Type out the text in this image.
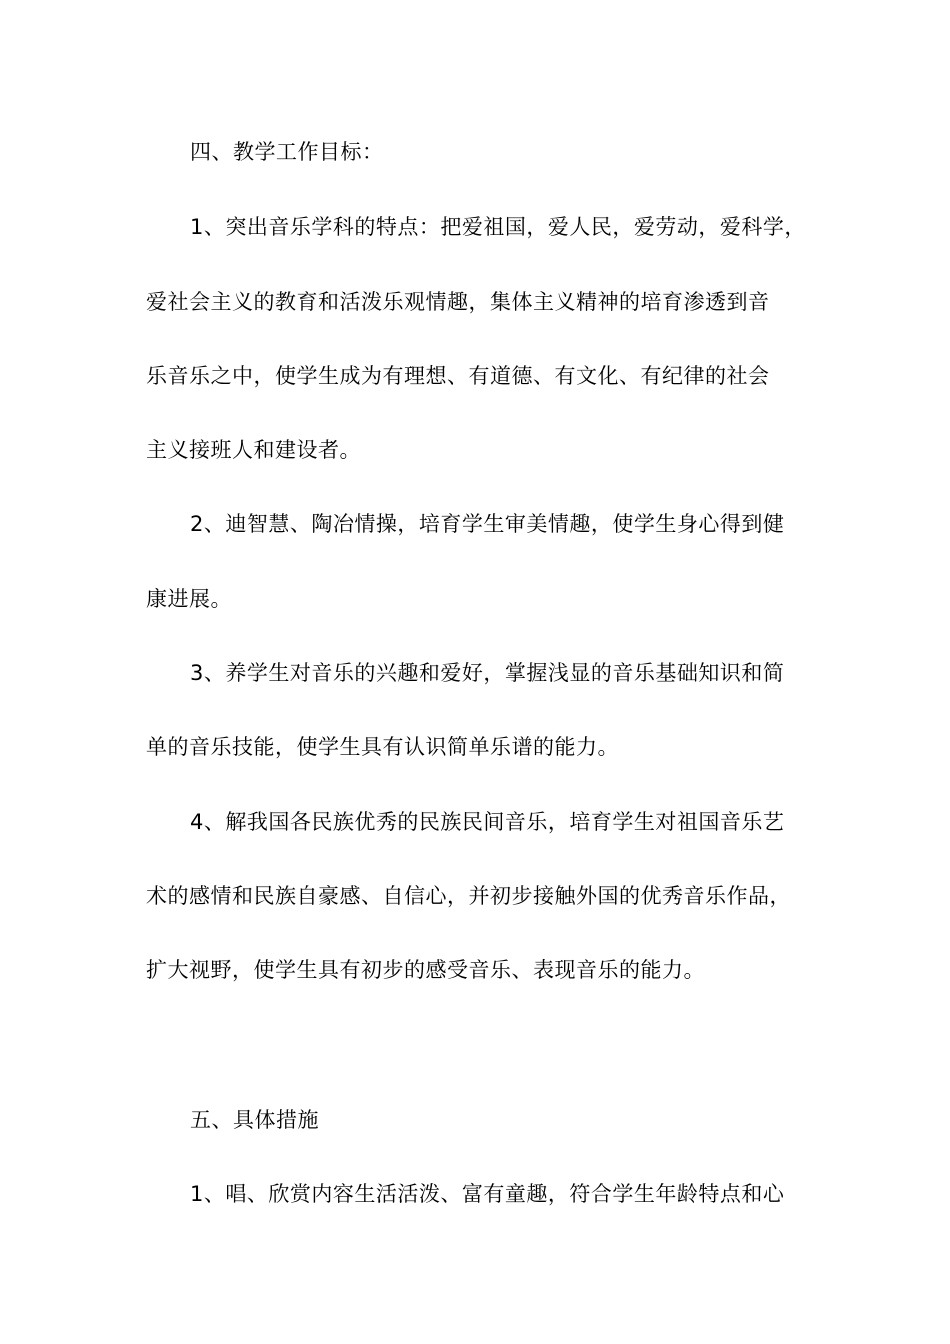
四、教学工作目标：
1、突出音乐学科的特点：把爱祖国，爱人民，爱劳动，爱科学，
爱社会主义的教育和活泼乐观情趣，集体主义精神的培育渗透到音
乐音乐之中，使学生成为有理想、有道德、有文化、有纪律的社会
主义接班人和建设者。
2、迪智慧、陶冶情操，培育学生审美情趣，使学生身心得到健
康进展。
3、养学生对音乐的兴趣和爱好，掌握浅显的音乐基础知识和简
单的音乐技能，使学生具有认识简单乐谱的能力。
4、解我国各民族优秀的民族民间音乐，培育学生对祖国音乐艺
术的感情和民族自豪感、自信心，并初步接触外国的优秀音乐作品，
扩大视野，使学生具有初步的感受音乐、表现音乐的能力。
五、具体措施
1、唱、欣赏内容生活活泼、富有童趣，符合学生年龄特点和心
